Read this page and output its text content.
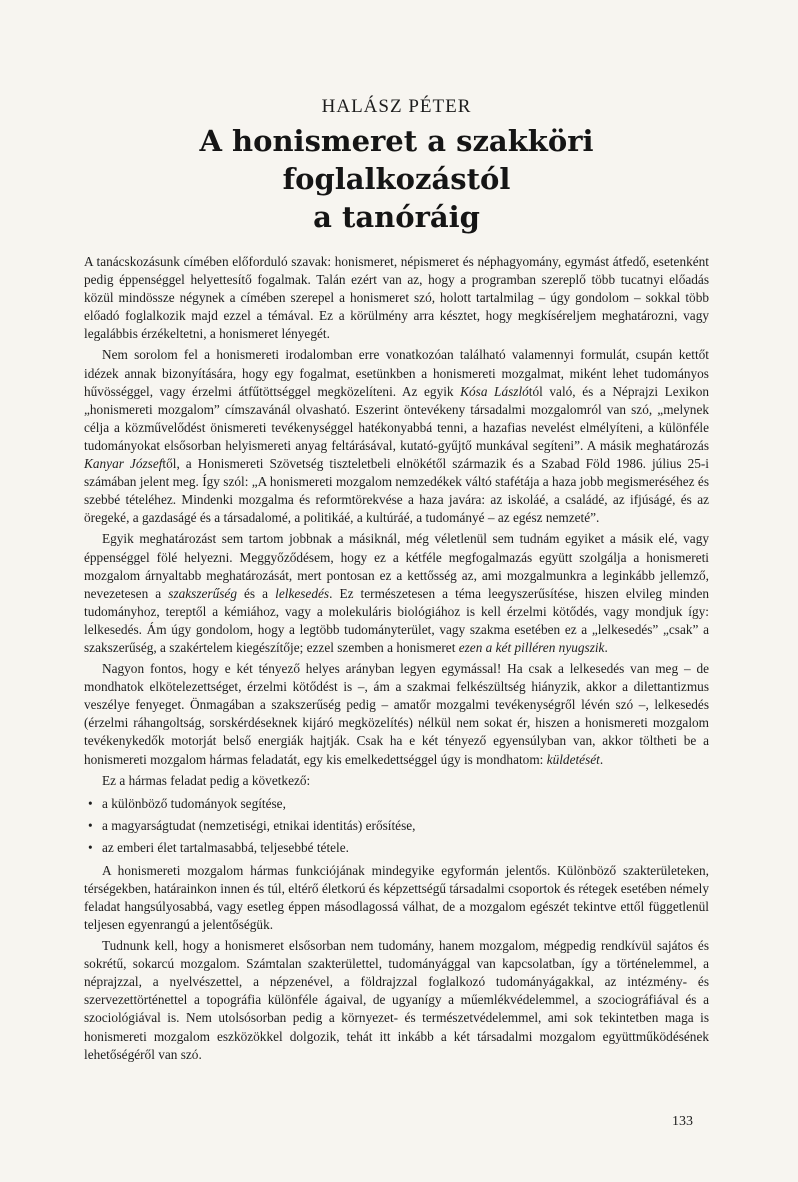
HALÁSZ PÉTER
A honismeret a szakköri foglalkozástól
a tanóráig

A tanácskozásunk címében előforduló szavak: honismeret, népismeret és néphagyomány, egymást átfedő, esetenként pedig éppenséggel helyettesítő fogalmak. Talán ezért van az, hogy a programban szereplő több tucatnyi előadás közül mindössze négynek a címében szerepel a honismeret szó, holott tartalmilag – úgy gondolom – sokkal több előadó foglalkozik majd ezzel a témával. Ez a körülmény arra késztet, hogy megkíséreljem meghatározni, vagy legalábbis érzékeltetni, a honismeret lényegét.

Nem sorolom fel a honismereti irodalomban erre vonatkozóan található valamennyi formulát, csupán kettőt idézek annak bizonyítására, hogy egy fogalmat, esetünkben a honismereti mozgalmat, miként lehet tudományos hűvösséggel, vagy érzelmi átfűtöttséggel megközelíteni. Az egyik Kósa Lászlótól való, és a Néprajzi Lexikon „honismereti mozgalom” címszavánál olvasható. Eszerint öntevékeny társadalmi mozgalomról van szó, „melynek célja a közművelődést önismereti tevékenységgel hatékonyabbá tenni, a hazafias nevelést elmélyíteni, a különféle tudományokat elsősorban helyismereti anyag feltárásával, kutató-gyűjtő munkával segíteni”. A másik meghatározás Kanyar Józseftől, a Honismereti Szövetség tiszteletbeli elnökétől származik és a Szabad Föld 1986. július 25-i számában jelent meg. Így szól: „A honismereti mozgalom nemzedékek váltó stafétája a haza jobb megismeréséhez és szebbé tételéhez. Mindenki mozgalma és reformtörekvése a haza javára: az iskoláé, a családé, az ifjúságé, és az öregeké, a gazdaságé és a társadalomé, a politikáé, a kultúráé, a tudományé – az egész nemzeté”.

Egyik meghatározást sem tartom jobbnak a másiknál, még véletlenül sem tudnám egyiket a másik elé, vagy éppenséggel fölé helyezni. Meggyőződésem, hogy ez a kétféle megfogalmazás együtt szolgálja a honismereti mozgalom árnyaltabb meghatározását, mert pontosan ez a kettősség az, ami mozgalmunkra a leginkább jellemző, nevezetesen a szakszerűség és a lelkesedés. Ez természetesen a téma leegyszerűsítése, hiszen elvileg minden tudományhoz, tereptől a kémiához, vagy a molekuláris biológiához is kell érzelmi kötődés, vagy mondjuk így: lelkesedés. Ám úgy gondolom, hogy a legtöbb tudományterület, vagy szakma esetében ez a „lelkesedés” „csak” a szakszerűség, a szakértelem kiegészítője; ezzel szemben a honismeret ezen a két pilléren nyugszik.

Nagyon fontos, hogy e két tényező helyes arányban legyen egymással! Ha csak a lelkesedés van meg – de mondhatok elkötelezettséget, érzelmi kötődést is –, ám a szakmai felkészültség hiányzik, akkor a dilettantizmus veszélye fenyeget. Önmagában a szakszerűség pedig – amatőr mozgalmi tevékenységről lévén szó –, lelkesedés (érzelmi ráhangoltság, sorskérdéseknek kijáró megközelítés) nélkül nem sokat ér, hiszen a honismereti mozgalom tevékenykedők motorját belső energiák hajtják. Csak ha e két tényező egyensúlyban van, akkor töltheti be a honismereti mozgalom hármas feladatát, egy kis emelkedettséggel úgy is mondhatom: küldetését.

Ez a hármas feladat pedig a következő:

• a különböző tudományok segítése,
• a magyarságtudat (nemzetiségi, etnikai identitás) erősítése,
• az emberi élet tartalmasabbá, teljesebbé tétele.

A honismereti mozgalom hármas funkciójának mindegyike egyformán jelentős. Különböző szakterületeken, térségekben, határainkon innen és túl, eltérő életkorú és képzettségű társadalmi csoportok és rétegek esetében némely feladat hangsúlyosabbá, vagy esetleg éppen másodlagossá válhat, de a mozgalom egészét tekintve ettől függetlenül teljesen egyenrangú a jelentőségük.

Tudnunk kell, hogy a honismeret elsősorban nem tudomány, hanem mozgalom, mégpedig rendkívül sajátos és sokrétű, sokarcú mozgalom. Számtalan szakterülettel, tudományággal van kapcsolatban, így a történelemmel, a néprajzzal, a nyelvészettel, a népzenével, a földrajzzal foglalkozó tudományágakkal, az intézmény- és szervezettörténettel a topográfia különféle ágaival, de ugyanígy a műemlékvédelemmel, a szociográfiával és a szociológiával is. Nem utolsósorban pedig a környezet- és természetvédelemmel, ami sok tekintetben maga is honismereti mozgalom eszközökkel dolgozik, tehát itt inkább a két társadalmi mozgalom együttműködésének lehetőségéről van szó.

133
